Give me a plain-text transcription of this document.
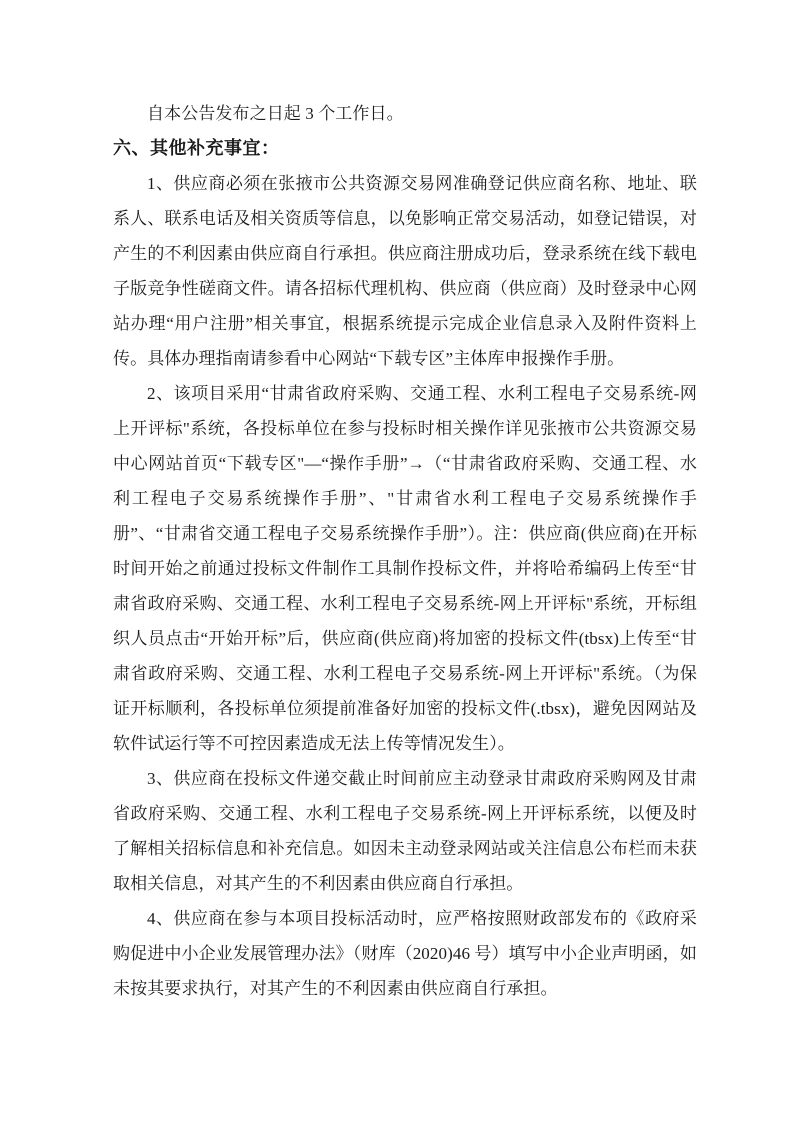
自本公告发布之日起 3 个工作日。

六、其他补充事宜：

1、供应商必须在张掖市公共资源交易网准确登记供应商名称、地址、联系人、联系电话及相关资质等信息，以免影响正常交易活动，如登记错误，对产生的不利因素由供应商自行承担。供应商注册成功后，登录系统在线下载电子版竞争性磋商文件。请各招标代理机构、供应商（供应商）及时登录中心网站办理“用户注册”相关事宜，根据系统提示完成企业信息录入及附件资料上传。具体办理指南请参看中心网站“下载专区”主体库申报操作手册。

2、该项目采用“甘肃省政府采购、交通工程、水利工程电子交易系统-网上开评标"系统，各投标单位在参与投标时相关操作详见张掖市公共资源交易中心网站首页“下载专区"—“操作手册”→（“甘肃省政府采购、交通工程、水利工程电子交易系统操作手册”、"甘肃省水利工程电子交易系统操作手册”、“甘肃省交通工程电子交易系统操作手册”）。注：供应商(供应商)在开标时间开始之前通过投标文件制作工具制作投标文件，并将哈希编码上传至“甘肃省政府采购、交通工程、水利工程电子交易系统-网上开评标"系统，开标组织人员点击“开始开标”后，供应商(供应商)将加密的投标文件(tbsx)上传至“甘肃省政府采购、交通工程、水利工程电子交易系统-网上开评标"系统。（为保证开标顺利，各投标单位须提前准备好加密的投标文件(.tbsx)，避免因网站及软件试运行等不可控因素造成无法上传等情况发生）。

3、供应商在投标文件递交截止时间前应主动登录甘肃政府采购网及甘肃省政府采购、交通工程、水利工程电子交易系统-网上开评标系统，以便及时了解相关招标信息和补充信息。如因未主动登录网站或关注信息公布栏而未获取相关信息，对其产生的不利因素由供应商自行承担。

4、供应商在参与本项目投标活动时，应严格按照财政部发布的《政府采购促进中小企业发展管理办法》（财库（2020)46 号）填写中小企业声明函，如未按其要求执行，对其产生的不利因素由供应商自行承担。
